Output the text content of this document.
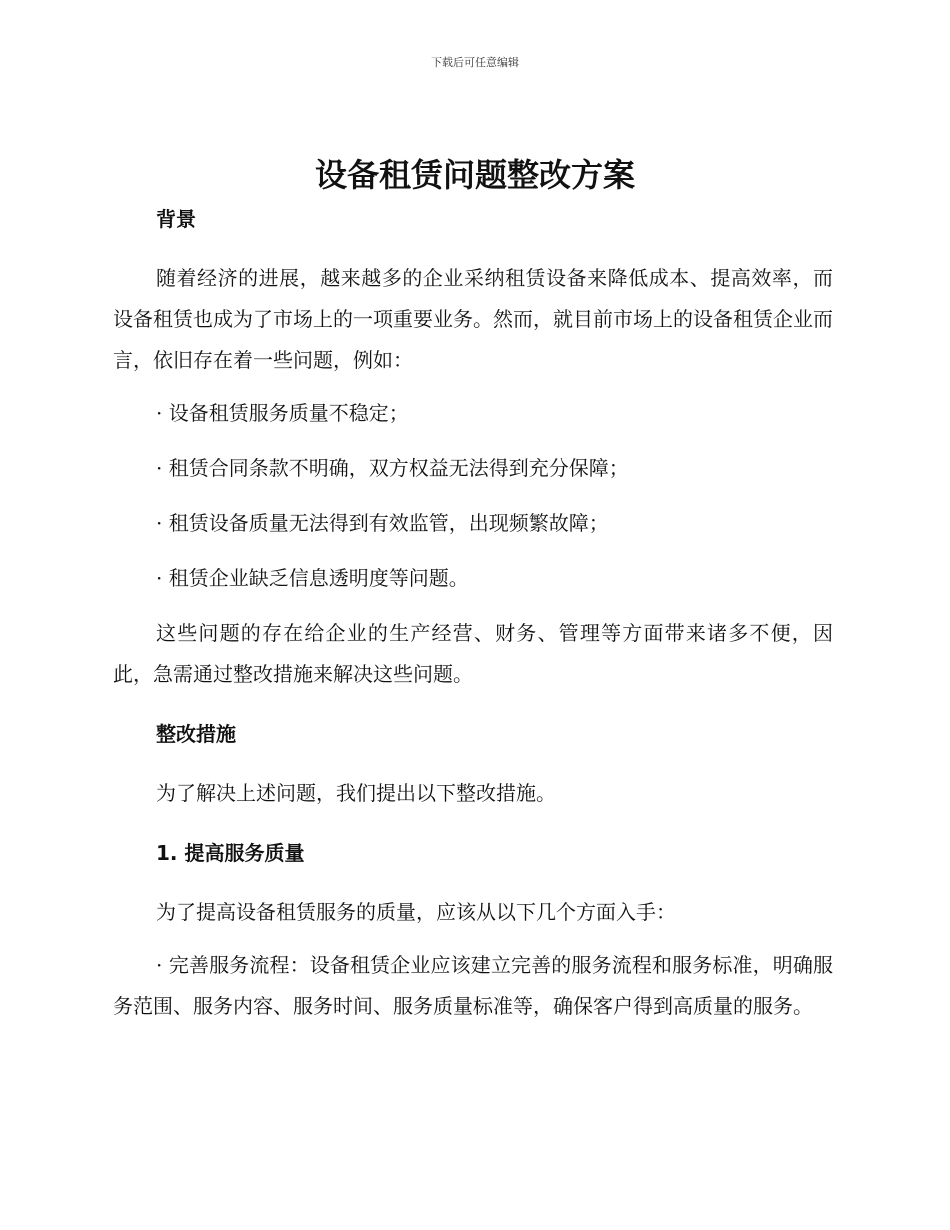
下载后可任意编辑
设备租赁问题整改方案
背景

随着经济的进展，越来越多的企业采纳租赁设备来降低成本、提高效率，而设备租赁也成为了市场上的一项重要业务。然而，就目前市场上的设备租赁企业而言，依旧存在着一些问题，例如：

· 设备租赁服务质量不稳定；

· 租赁合同条款不明确，双方权益无法得到充分保障；

· 租赁设备质量无法得到有效监管，出现频繁故障；

· 租赁企业缺乏信息透明度等问题。

这些问题的存在给企业的生产经营、财务、管理等方面带来诸多不便，因此，急需通过整改措施来解决这些问题。

整改措施

为了解决上述问题，我们提出以下整改措施。

1. 提高服务质量

为了提高设备租赁服务的质量，应该从以下几个方面入手：

· 完善服务流程：设备租赁企业应该建立完善的服务流程和服务标准，明确服务范围、服务内容、服务时间、服务质量标准等，确保客户得到高质量的服务。
